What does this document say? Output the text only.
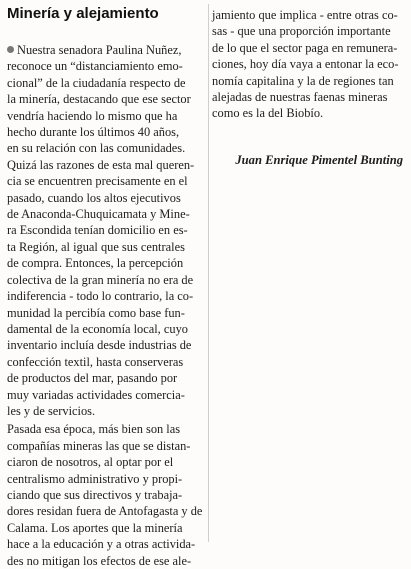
Minería y alejamiento

Nuestra senadora Paulina Nuñez,
reconoce un “distanciamiento emo-
cional” de la ciudadanía respecto de
la minería, destacando que ese sector
vendría haciendo lo mismo que ha
hecho durante los últimos 40 años,
en su relación con las comunidades.
Quizá las razones de esta mal queren-
cia se encuentren precisamente en el
pasado, cuando los altos ejecutivos
de Anaconda-Chuquicamata y Mine-
ra Escondida tenían domicilio en es-
ta Región, al igual que sus centrales
de compra. Entonces, la percepción
colectiva de la gran minería no era de
indiferencia - todo lo contrario, la co-
munidad la percibía como base fun-
damental de la economía local, cuyo
inventario incluía desde industrias de
confección textil, hasta conserveras
de productos del mar, pasando por
muy variadas actividades comercia-
les y de servicios.

Pasada esa época, más bien son las
compañías mineras las que se distan-
ciaron de nosotros, al optar por el
centralismo administrativo y propi-
ciando que sus directivos y trabaja-
dores residan fuera de Antofagasta y de
Calama. Los aportes que la minería
hace a la educación y a otras activida-
des no mitigan los efectos de ese ale-

jamiento que implica - entre otras co-
sas - que una proporción importante
de lo que el sector paga en remunera-
ciones, hoy día vaya a entonar la eco-
nomía capitalina y la de regiones tan
alejadas de nuestras faenas mineras
como es la del Biobío.

Juan Enrique Pimentel Bunting
